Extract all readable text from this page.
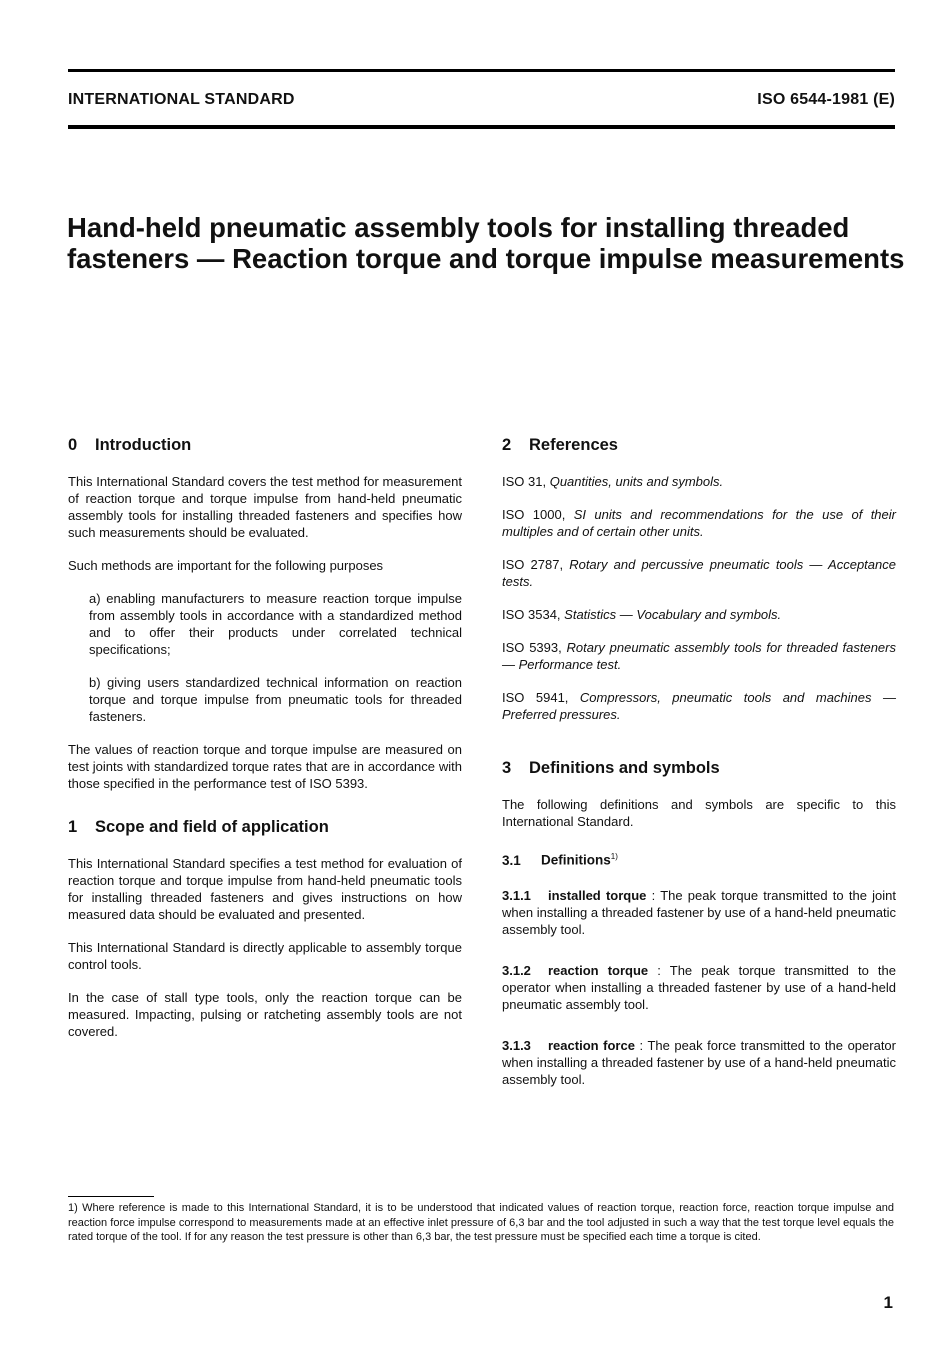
INTERNATIONAL STANDARD	ISO 6544-1981 (E)
Hand-held pneumatic assembly tools for installing threaded fasteners — Reaction torque and torque impulse measurements
0 Introduction

This International Standard covers the test method for measurement of reaction torque and torque impulse from hand-held pneumatic assembly tools for installing threaded fasteners and specifies how such measurements should be evaluated.

Such methods are important for the following purposes

a) enabling manufacturers to measure reaction torque impulse from assembly tools in accordance with a standardized method and to offer their products under correlated technical specifications;

b) giving users standardized technical information on reaction torque and torque impulse from pneumatic tools for threaded fasteners.

The values of reaction torque and torque impulse are measured on test joints with standardized torque rates that are in accordance with those specified in the performance test of ISO 5393.

1 Scope and field of application

This International Standard specifies a test method for evaluation of reaction torque and torque impulse from hand-held pneumatic tools for installing threaded fasteners and gives instructions on how measured data should be evaluated and presented.

This International Standard is directly applicable to assembly torque control tools.

In the case of stall type tools, only the reaction torque can be measured. Impacting, pulsing or ratcheting assembly tools are not covered.

2 References

ISO 31, Quantities, units and symbols.

ISO 1000, SI units and recommendations for the use of their multiples and of certain other units.

ISO 2787, Rotary and percussive pneumatic tools — Acceptance tests.

ISO 3534, Statistics — Vocabulary and symbols.

ISO 5393, Rotary pneumatic assembly tools for threaded fasteners — Performance test.

ISO 5941, Compressors, pneumatic tools and machines — Preferred pressures.

3 Definitions and symbols

The following definitions and symbols are specific to this International Standard.

3.1 Definitions$^{1)}$

3.1.1 installed torque : The peak torque transmitted to the joint when installing a threaded fastener by use of a hand-held pneumatic assembly tool.

3.1.2 reaction torque : The peak torque transmitted to the operator when installing a threaded fastener by use of a hand-held pneumatic assembly tool.

3.1.3 reaction force : The peak force transmitted to the operator when installing a threaded fastener by use of a hand-held pneumatic assembly tool.

1) Where reference is made to this International Standard, it is to be understood that indicated values of reaction torque, reaction force, reaction torque impulse and reaction force impulse correspond to measurements made at an effective inlet pressure of 6,3 bar and the tool adjusted in such a way that the test torque level equals the rated torque of the tool. If for any reason the test pressure is other than 6,3 bar, the test pressure must be specified each time a torque is cited.

1
